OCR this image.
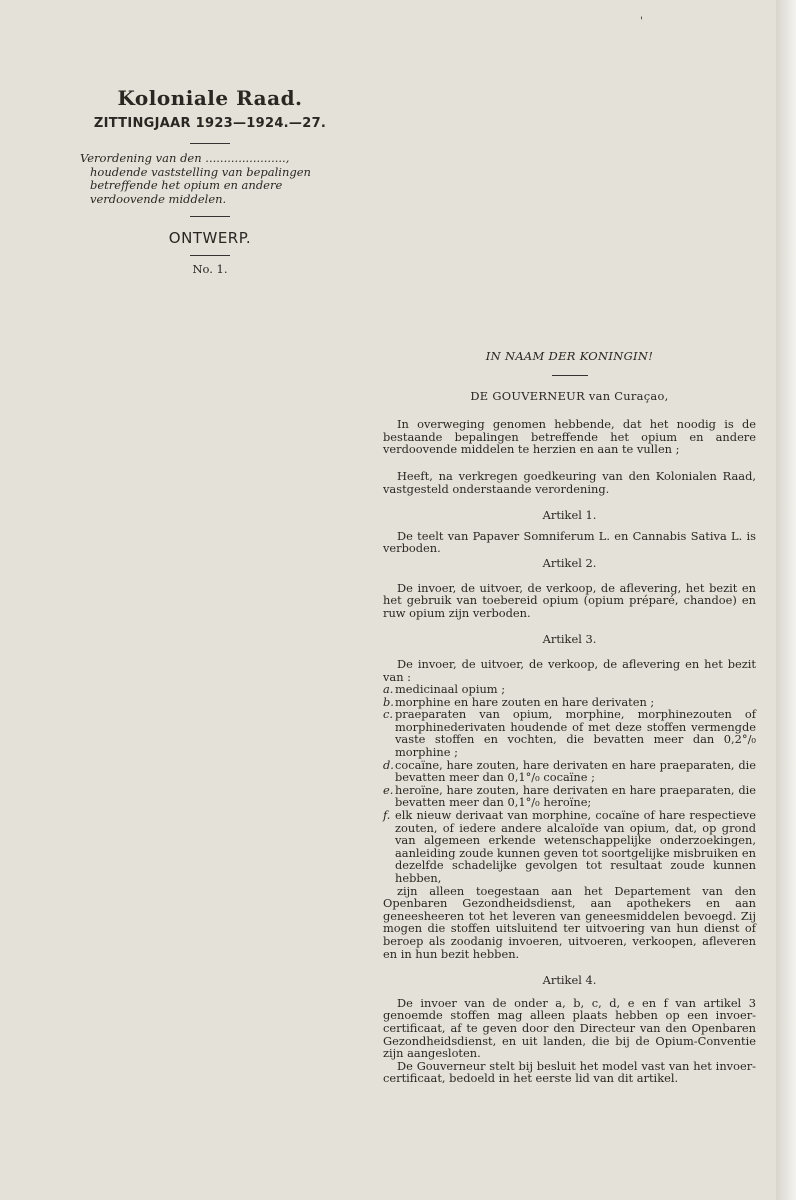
'
Koloniale Raad.
ZITTINGJAAR 1923—1924.—27.
Verordening van den ......................,
houdende vaststelling van bepalingen betreffende het opium en andere verdoovende middelen.
ONTWERP.
No. 1.
IN NAAM DER KONINGIN!
DE GOUVERNEUR van Curaçao,

In overweging genomen hebbende, dat het noodig is de bestaande bepalingen betreffende het opium en andere verdoovende middelen te herzien en aan te vullen ;

Heeft, na verkregen goedkeuring van den Kolonialen Raad, vastgesteld onderstaande verordening.

Artikel 1.

De teelt van Papaver Somniferum L. en Cannabis Sativa L. is verboden.

Artikel 2.

De invoer, de uitvoer, de verkoop, de aflevering, het bezit en het gebruik van toebereid opium (opium préparé, chandoe) en ruw opium zijn verboden.

Artikel 3.

De invoer, de uitvoer, de verkoop, de aflevering en het bezit van :

a. medicinaal opium ;
b. morphine en hare zouten en hare derivaten ;
c. praeparaten van opium, morphine, morphinezouten of morphinederivaten houdende of met deze stoffen vermengde vaste stoffen en vochten, die bevatten meer dan 0,2°/₀ morphine ;
d. cocaïne, hare zouten, hare derivaten en hare praeparaten, die bevatten meer dan 0,1°/₀ cocaïne ;
e. heroïne, hare zouten, hare derivaten en hare praeparaten, die bevatten meer dan 0,1°/₀ heroïne;
f. elk nieuw derivaat van morphine, cocaïne of hare respectieve zouten, of iedere andere alcaloïde van opium, dat, op grond van algemeen erkende wetenschappelijke onderzoekingen, aanleiding zoude kunnen geven tot soortgelijke misbruiken en dezelfde schadelijke gevolgen tot resultaat zoude kunnen hebben,

zijn alleen toegestaan aan het Departement van den Openbaren Gezondheidsdienst, aan apothekers en aan geneesheeren tot het leveren van geneesmiddelen bevoegd. Zij mogen die stoffen uitsluitend ter uitvoering van hun dienst of beroep als zoodanig invoeren, uitvoeren, verkoopen, afleveren en in hun bezit hebben.

Artikel 4.

De invoer van de onder a, b, c, d, e en f van artikel 3 genoemde stoffen mag alleen plaats hebben op een invoer-certificaat, af te geven door den Directeur van den Openbaren Gezondheidsdienst, en uit landen, die bij de Opium-Conventie zijn aangesloten.

De Gouverneur stelt bij besluit het model vast van het invoer-certificaat, bedoeld in het eerste lid van dit artikel.
